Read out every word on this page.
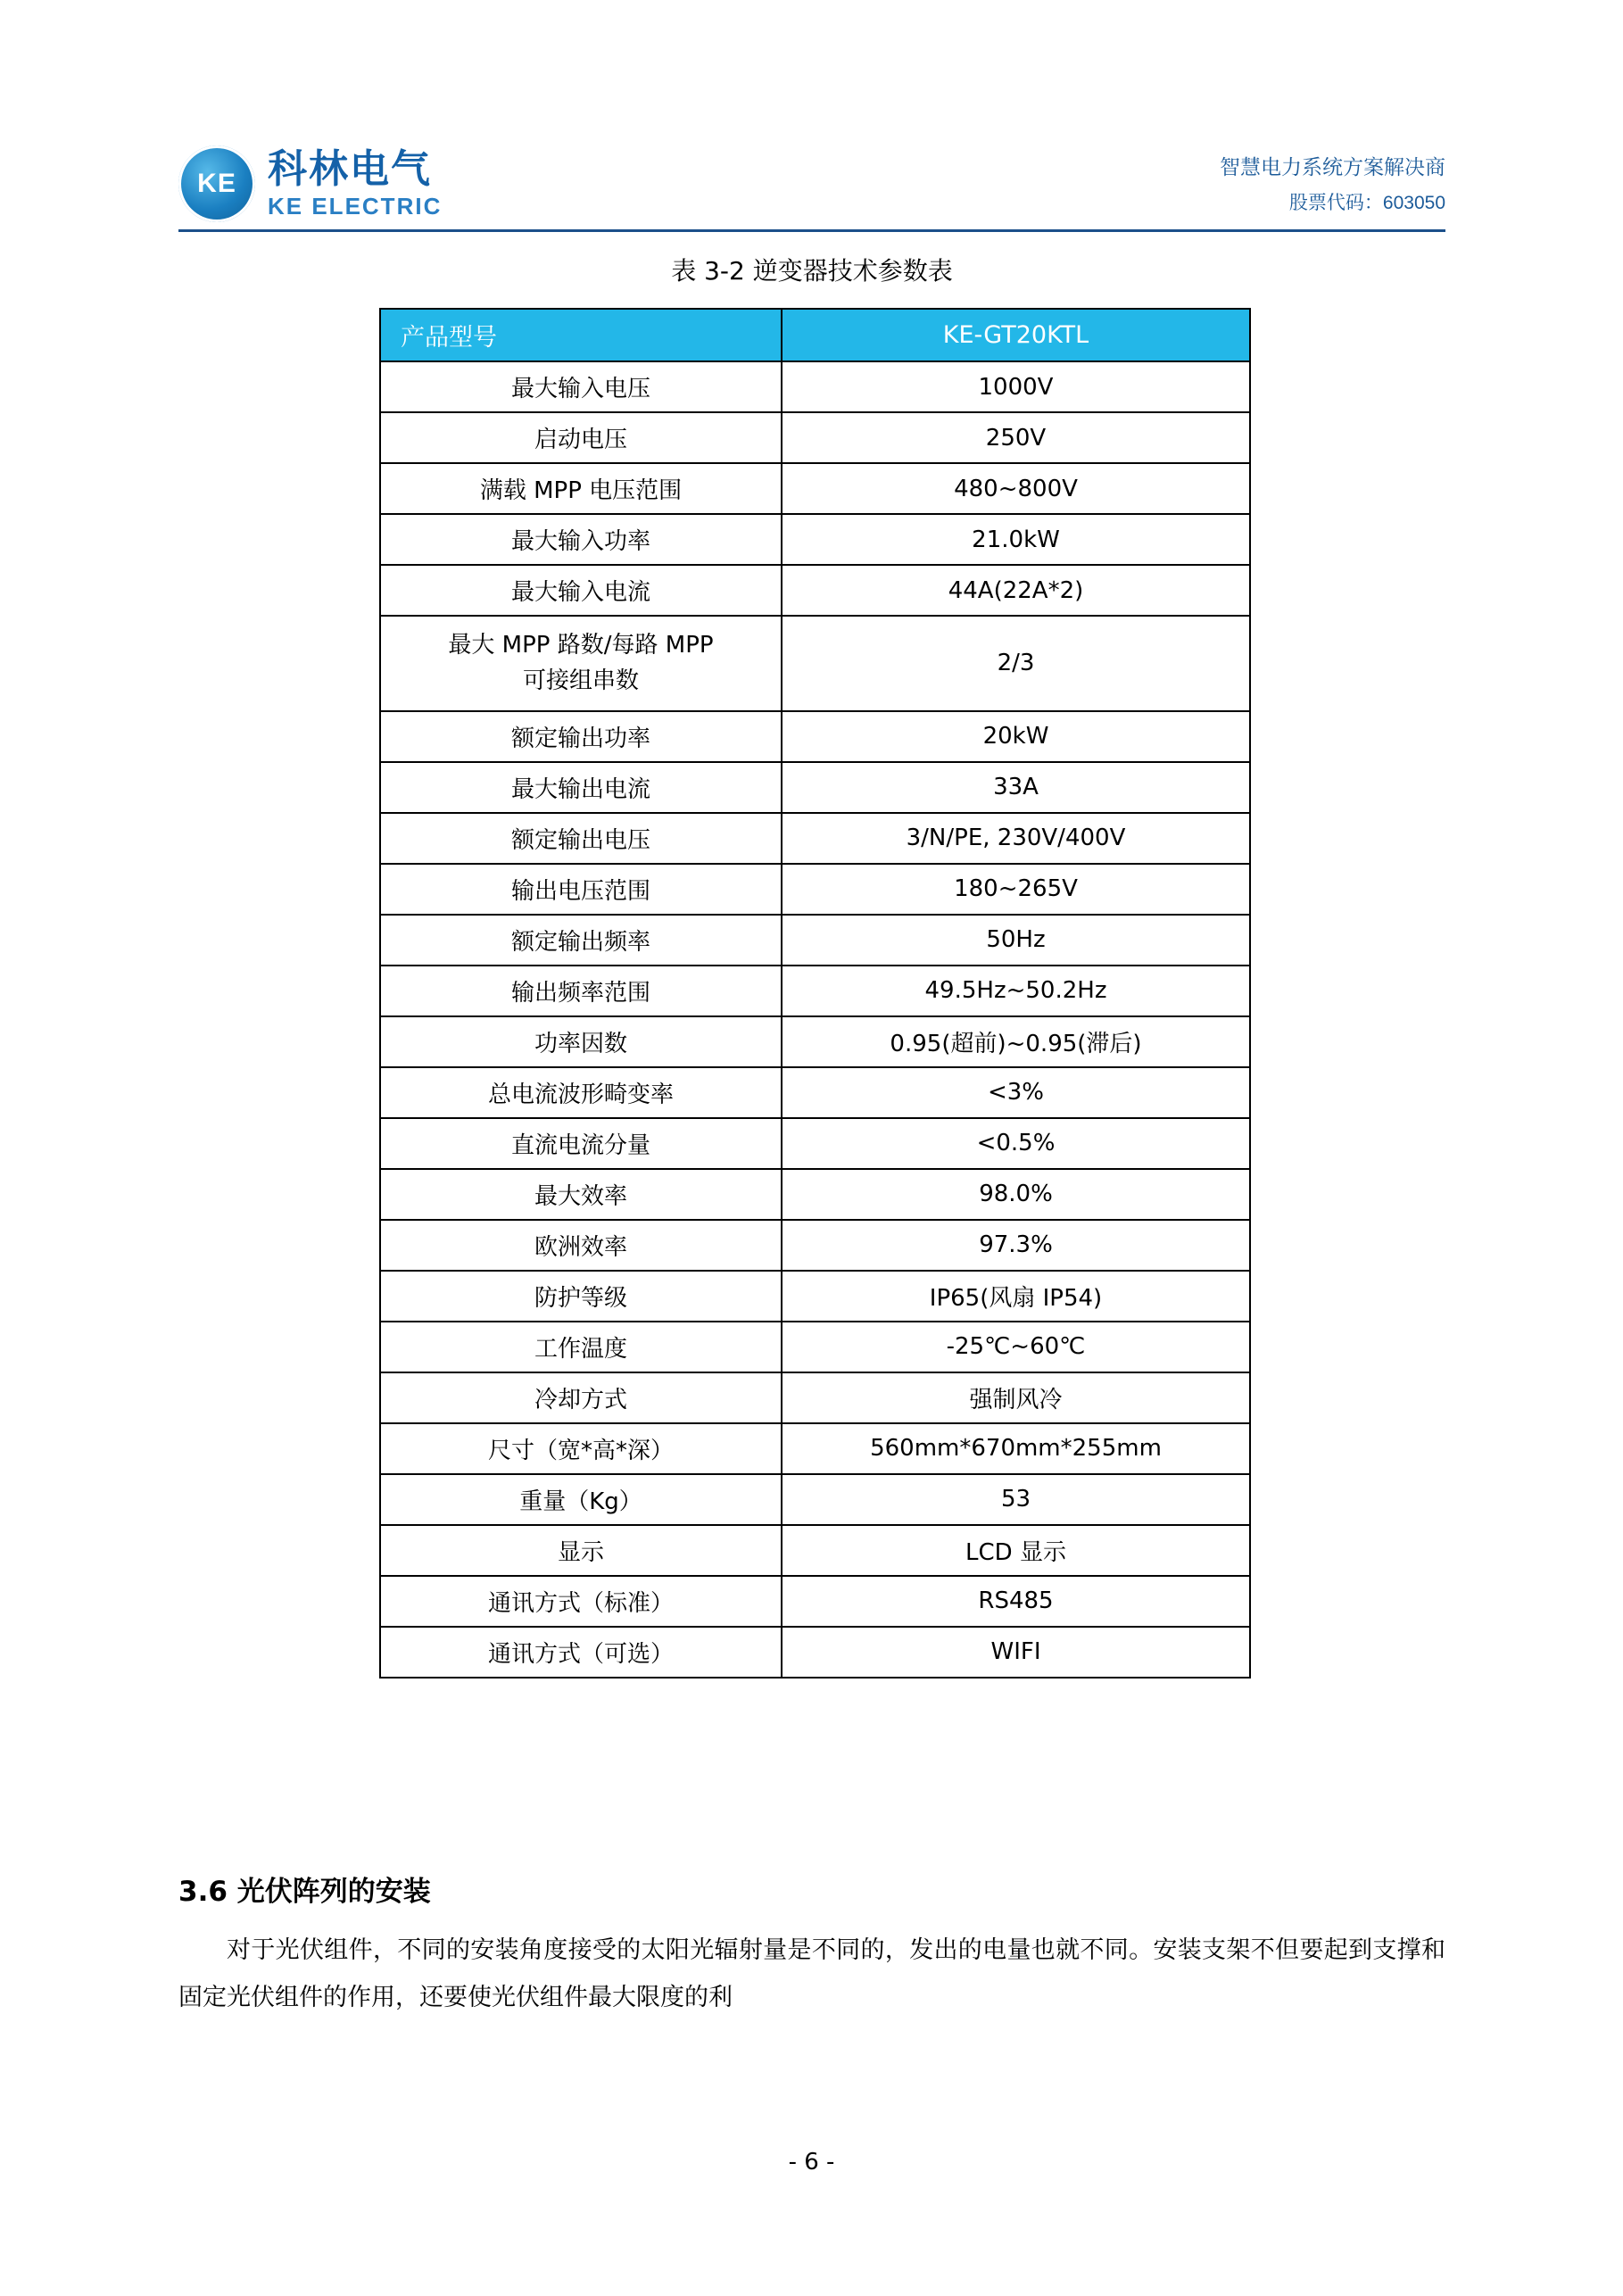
KE 科林电气
KE ELECTRIC
智慧电力系统方案解决商
股票代码：603050
表 3-2 逆变器技术参数表
产品型号	KE-GT20KTL
最大输入电压	1000V
启动电压	250V
满载 MPP 电压范围	480~800V
最大输入功率	21.0kW
最大输入电流	44A(22A*2)
最大 MPP 路数/每路 MPP
可接组串数	2/3
额定输出功率	20kW
最大输出电流	33A
额定输出电压	3/N/PE, 230V/400V
输出电压范围	180~265V
额定输出频率	50Hz
输出频率范围	49.5Hz~50.2Hz
功率因数	0.95(超前)~0.95(滞后)
总电流波形畸变率	<3%
直流电流分量	<0.5%
最大效率	98.0%
欧洲效率	97.3%
防护等级	IP65(风扇 IP54)
工作温度	-25℃~60℃
冷却方式	强制风冷
尺寸（宽*高*深）	560mm*670mm*255mm
重量（Kg）	53
显示	LCD 显示
通讯方式（标准）	RS485
通讯方式（可选）	WIFI
3.6 光伏阵列的安装
对于光伏组件，不同的安装角度接受的太阳光辐射量是不同的，发出的电量也就不同。安装支架不但要起到支撑和固定光伏组件的作用，还要使光伏组件最大限度的利
- 6 -
